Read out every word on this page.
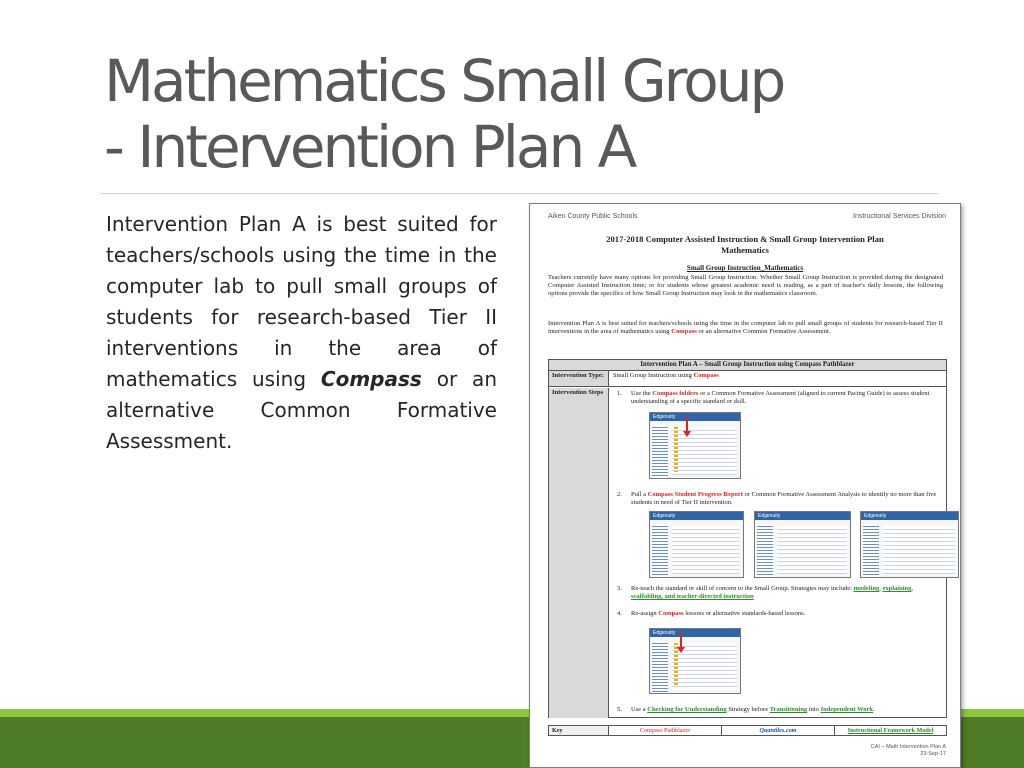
Mathematics Small Group
- Intervention Plan A

Intervention Plan A is best suited for teachers/schools using the time in the computer lab to pull small groups of students for research-based Tier II interventions in the area of mathematics using Compass or an alternative Common Formative Assessment.

Aiken County Public Schools	Instructional Services Division
2017-2018 Computer Assisted Instruction & Small Group Intervention Plan
Mathematics
Small Group Instruction_Mathematics

Teachers currently have many options for providing Small Group Instruction. Whether Small Group Instruction is provided during the designated Computer Assisted Instruction time; or for students whose greatest academic need is reading, as a part of teacher's daily lessons, the following options provide the specifics of how Small Group Instruction may look in the mathematics classroom.

Intervention Plan A is best suited for teachers/schools using the time in the computer lab to pull small groups of students for research-based Tier II interventions in the area of mathematics using Compass or an alternative Common Formative Assessment.

Intervention Plan A – Small Group Instruction using Compass Pathblazer
Intervention Type:	Small Group Instruction using Compass
Intervention Steps	1. Use the Compass folders or a Common Formative Assessment (aligned to current Pacing Guide) to assess student understanding of a specific standard or skill.
Edgenuity
2. Pull a Compass Student Progress Report or Common Formative Assessment Analysis to identify no more than five students in need of Tier II intervention.
Edgenuity	Edgenuity	Edgenuity
3. Re-teach the standard or skill of concern to the Small Group. Strategies may include: modeling, explaining, scaffolding, and teacher-directed instruction
4. Re-assign Compass lessons or alternative standards-based lessons.
Edgenuity
5. Use a Checking for Understanding Strategy before Transitioning into Independent Work.
Key	Compass Pathblazer	Quantiles.com	Instructional Framework Model
CAI – Math Intervention Plan A
23-Sep-17
